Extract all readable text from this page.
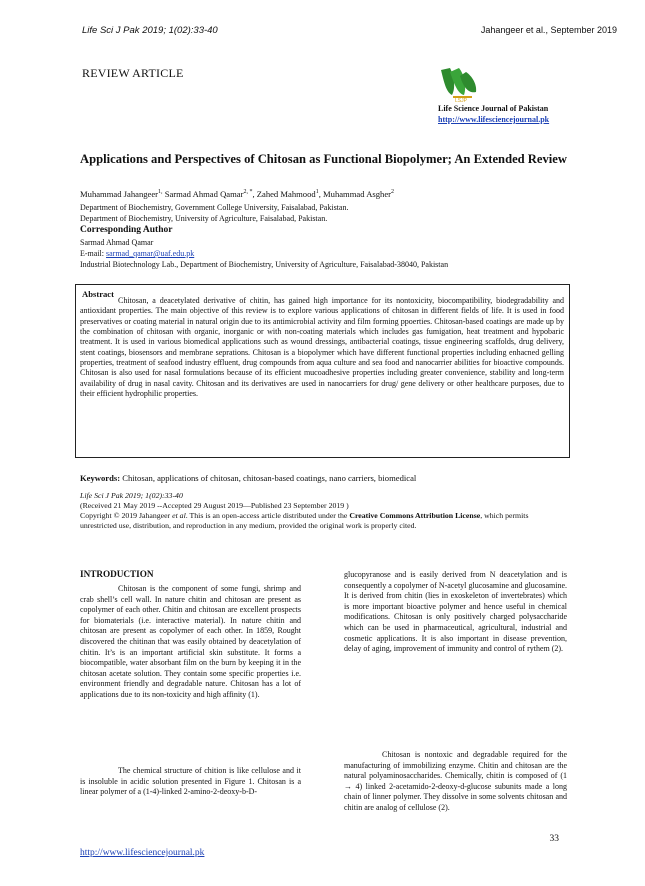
Life Sci J Pak 2019; 1(02):33-40	Jahangeer et al., September 2019
REVIEW ARTICLE
LSJP
Life Science Journal of Pakistan
http://www.lifesciencejournal.pk
Applications and Perspectives of Chitosan as Functional Biopolymer; An Extended Review
Muhammad Jahangeer$^{1,}$ Sarmad Ahmad Qamar$^{2, *}$, Zahed Mahmood$^1$, Muhammad Asgher$^2$
Department of Biochemistry, Government College University, Faisalabad, Pakistan.
Department of Biochemistry, University of Agriculture, Faisalabad, Pakistan.
Corresponding Author
Sarmad Ahmad Qamar
E-mail: sarmad_qamar@uaf.edu.pk
Industrial Biotechnology Lab., Department of Biochemistry, University of Agriculture, Faisalabad-38040, Pakistan
Abstract
Chitosan, a deacetylated derivative of chitin, has gained high importance for its nontoxicity, biocompatibility, biodegradability and antioxidant properties. The main objective of this review is to explore various applications of chitosan in different fields of life. It is used in food preservatives or coating material in natural origin due to its antimicrobial activity and film forming ppoerties. Chitosan-based coatings are made up by the combination of chitosan with organic, inorganic or with non-coating materials which includes gas fumigation, heat treatment and hypobaric treatment. It is used in various biomedical applications such as wound dressings, antibacterial coatings, tissue engineering scaffolds, drug delivery, stent coatings, biosensors and membrane seprations. Chitosan is a biopolymer which have different functional properties including enhacned gelling properties, treatment of seafood industry effluent, drug compounds from aqua culture and sea food and nanocarrier abilities for bioactive compounds. Chitosan is also used for nasal formulations because of its efficient mucoadhesive properties including greater convenience, stability and long-term availability of drug in nasal cavity. Chitosan and its derivatives are used in nanocarriers for drug/ gene delivery or other healthcare purposes, due to their efficient hydrophilic properties.
Keywords: Chitosan, applications of chitosan, chitosan-based coatings, nano carriers, biomedical
Life Sci J Pak 2019; 1(02):33-40
(Received 21 May 2019 --Accepted 29 August 2019—Published 23 September 2019 )
Copyright © 2019 Jahangeer et al. This is an open-access article distributed under the Creative Commons Attribution License, which permits unrestricted use, distribution, and reproduction in any medium, provided the original work is properly cited.
INTRODUCTION
Chitosan is the component of some fungi, shrimp and crab shell’s cell wall. In nature chitin and chitosan are present as copolymer of each other. Chitin and chitosan are excellent prospects for biomaterials (i.e. interactive material). In nature chitin and chitosan are present as copolymer of each other. In 1859, Rought discovered the chitinan that was easily obtained by deacetylation of chitin. It’s is an important artificial skin substitute. It forms a biocompatible, water absorbant film on the burn by keeping it in the chitosan acetate solution. They contain some specific properties i.e. environment friendly and degradable nature. Chitosan has a lot of applications due to its non-toxicity and high affinity (1).
The chemical structure of chition is like cellulose and it is insoluble in acidic solution presented in Figure 1. Chitosan is a linear polymer of a (1-4)-linked 2-amino-2-deoxy-b-D-
glucopyranose and is easily derived from N deacetylation and is consequently a copolymer of N-acetyl glucosamine and glucosamine. It is derived from chitin (lies in exoskeleton of invertebrates) which is more important bioactive polymer and hence useful in chemical modifications. Chitosan is only positively charged polysaccharide which can be used in pharmaceutical, agricultural, industrial and cosmetic applications. It is also important in disease prevention, delay of aging, improvement of immunity and control of rythem (2).
Chitosan is nontoxic and degradable required for the manufacturing of immobilizing enzyme. Chitin and chitosan are the natural polyaminosaccharides. Chemically, chitin is composed of (1 → 4) linked 2-acetamido-2-deoxy-d-glucose subunits made a long chain of linner polymer. They dissolve in some solvents chitosan and chitin are analog of cellulose (2).
33
http://www.lifesciencejournal.pk
